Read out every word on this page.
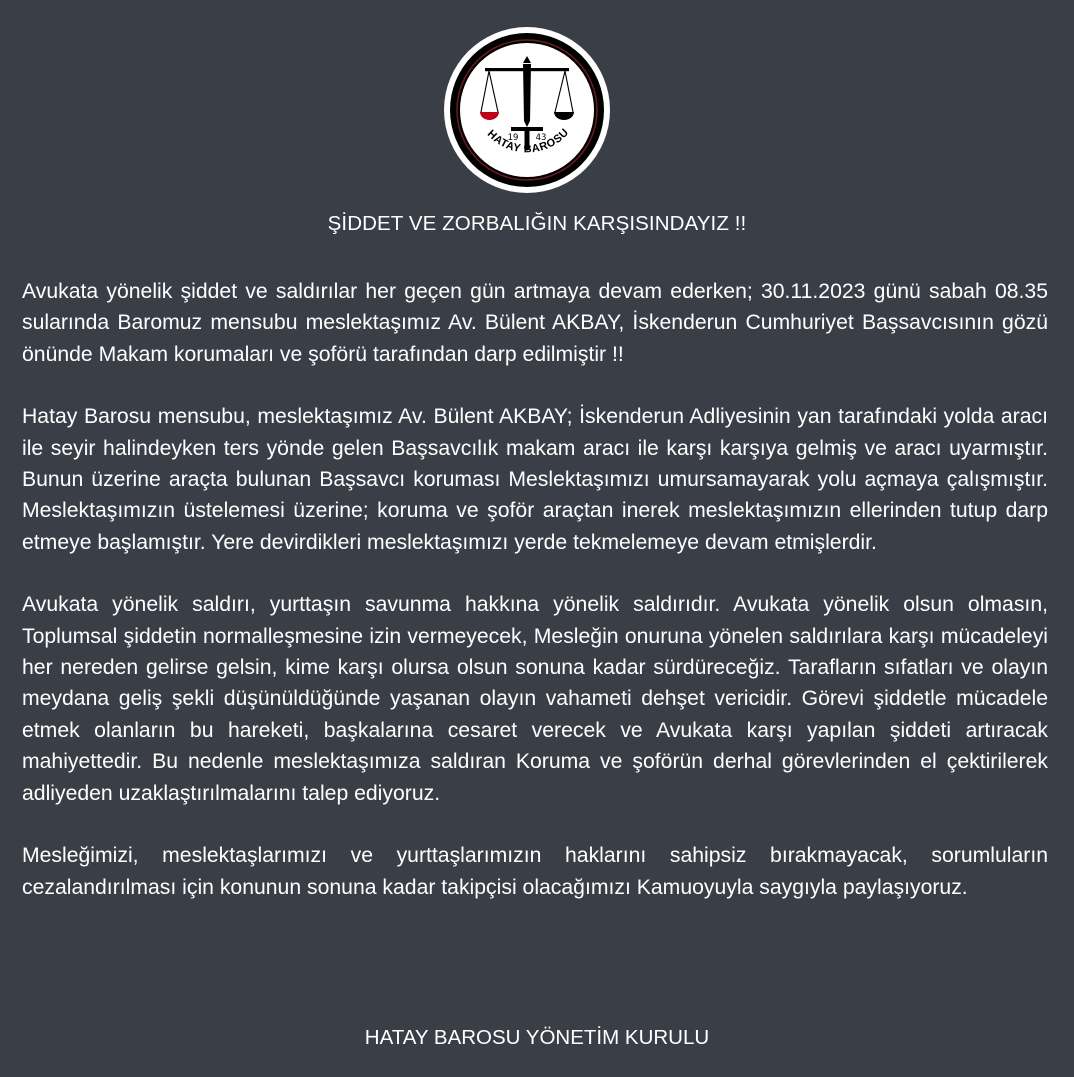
19 43
HATAY BAROSU
ŞİDDET VE ZORBALIĞIN KARŞISINDAYIZ !!

Avukata yönelik şiddet ve saldırılar her geçen gün artmaya devam ederken; 30.11.2023 günü sabah 08.35 sularında Baromuz mensubu meslektaşımız Av. Bülent AKBAY, İskenderun Cumhuriyet Başsavcısının gözü önünde Makam korumaları ve şoförü tarafından darp edilmiştir !!

Hatay Barosu mensubu, meslektaşımız Av. Bülent AKBAY; İskenderun Adliyesinin yan tarafındaki yolda aracı ile seyir halindeyken ters yönde gelen Başsavcılık makam aracı ile karşı karşıya gelmiş ve aracı uyarmıştır. Bunun üzerine araçta bulunan Başsavcı koruması Meslektaşımızı umursamayarak yolu açmaya çalışmıştır. Meslektaşımızın üstelemesi üzerine; koruma ve şoför araçtan inerek meslektaşımızın ellerinden tutup darp etmeye başlamıştır. Yere devirdikleri meslektaşımızı yerde tekmelemeye devam etmişlerdir.

Avukata yönelik saldırı, yurttaşın savunma hakkına yönelik saldırıdır. Avukata yönelik olsun olmasın, Toplumsal şiddetin normalleşmesine izin vermeyecek, Mesleğin onuruna yönelen saldırılara karşı mücadeleyi her nereden gelirse gelsin, kime karşı olursa olsun sonuna kadar sürdüreceğiz. Tarafların sıfatları ve olayın meydana geliş şekli düşünüldüğünde yaşanan olayın vahameti dehşet vericidir. Görevi şiddetle mücadele etmek olanların bu hareketi, başkalarına cesaret verecek ve Avukata karşı yapılan şiddeti artıracak mahiyettedir. Bu nedenle meslektaşımıza saldıran Koruma ve şoförün derhal görevlerinden el çektirilerek adliyeden uzaklaştırılmalarını talep ediyoruz.

Mesleğimizi, meslektaşlarımızı ve yurttaşlarımızın haklarını sahipsiz bırakmayacak, sorumluların cezalandırılması için konunun sonuna kadar takipçisi olacağımızı Kamuoyuyla saygıyla paylaşıyoruz.

HATAY BAROSU YÖNETİM KURULU
